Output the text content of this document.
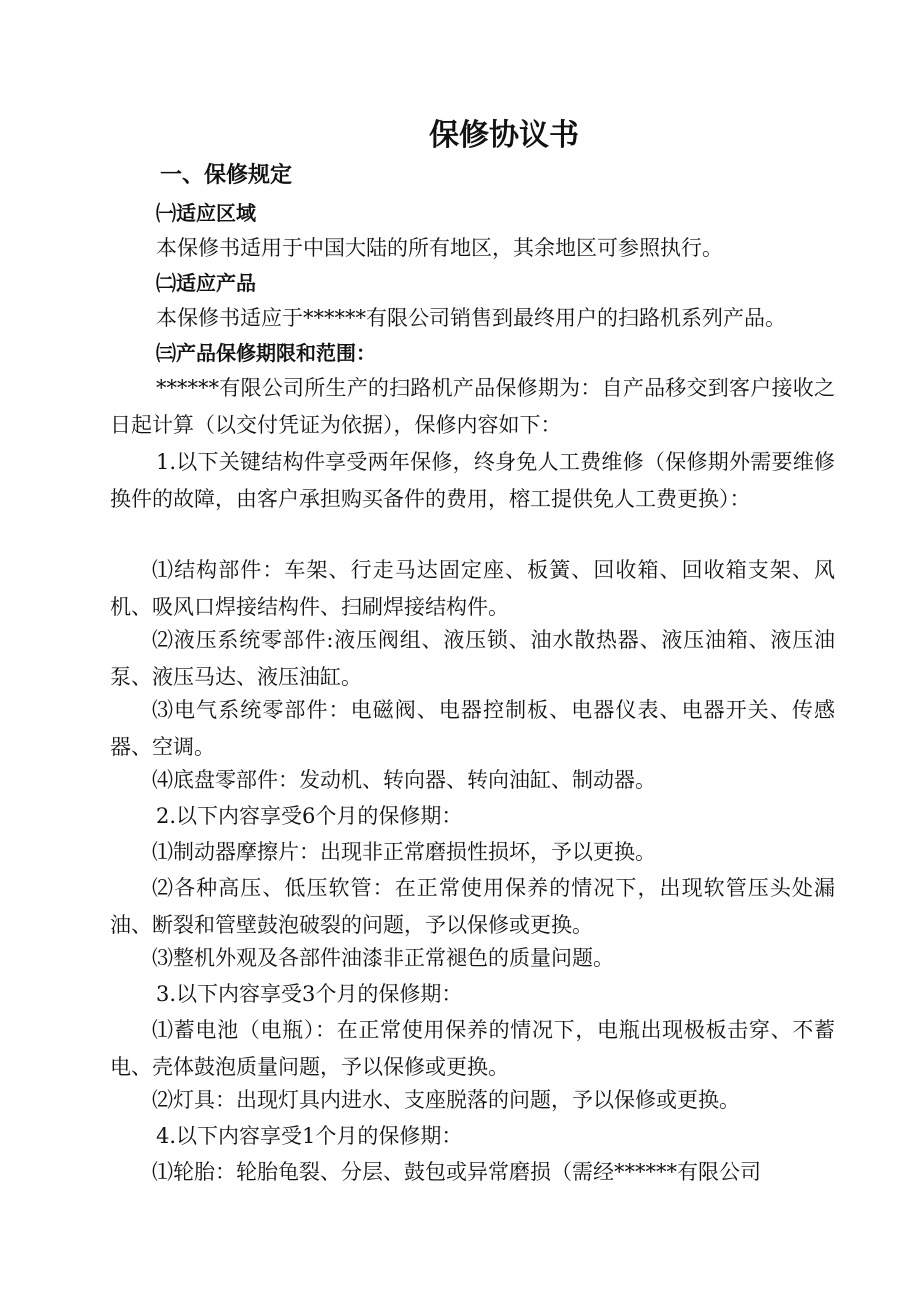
保修协议书
一、保修规定
㈠适应区域

本保修书适用于中国大陆的所有地区，其余地区可参照执行。

㈡适应产品

本保修书适应于******有限公司销售到最终用户的扫路机系列产品。

㈢产品保修期限和范围：

******有限公司所生产的扫路机产品保修期为：自产品移交到客户接收之日起计算（以交付凭证为依据），保修内容如下：

1.以下关键结构件享受两年保修，终身免人工费维修（保修期外需要维修换件的故障，由客户承担购买备件的费用，榕工提供免人工费更换）：

⑴结构部件：车架、行走马达固定座、板簧、回收箱、回收箱支架、风机、吸风口焊接结构件、扫刷焊接结构件。

⑵液压系统零部件:液压阀组、液压锁、油水散热器、液压油箱、液压油泵、液压马达、液压油缸。

⑶电气系统零部件：电磁阀、电器控制板、电器仪表、电器开关、传感器、空调。

⑷底盘零部件：发动机、转向器、转向油缸、制动器。

2.以下内容享受6个月的保修期：

⑴制动器摩擦片：出现非正常磨损性损坏，予以更换。

⑵各种高压、低压软管：在正常使用保养的情况下，出现软管压头处漏油、断裂和管壁鼓泡破裂的问题，予以保修或更换。

⑶整机外观及各部件油漆非正常褪色的质量问题。

3.以下内容享受3个月的保修期：

⑴蓄电池（电瓶）：在正常使用保养的情况下，电瓶出现极板击穿、不蓄电、壳体鼓泡质量问题，予以保修或更换。

⑵灯具：出现灯具内进水、支座脱落的问题，予以保修或更换。

4.以下内容享受1个月的保修期：

⑴轮胎：轮胎龟裂、分层、鼓包或异常磨损（需经******有限公司
